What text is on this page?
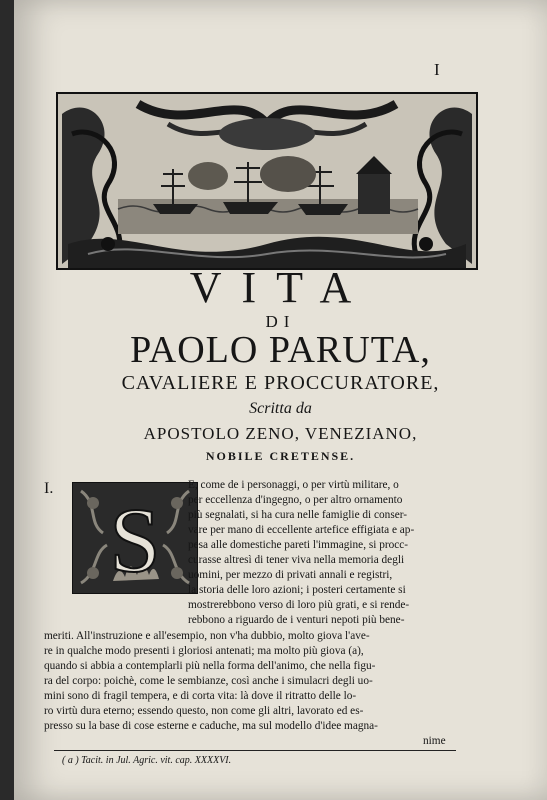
I
VITA
DI
PAOLO PARUTA,
CAVALIERE E PROCCURATORE,
Scritta da
APOSTOLO ZENO, VENEZIANO,
NOBILE CRETENSE.
I.
S
E, come de i personaggi, o per virtù militare, o
per eccellenza d'ingegno, o per altro ornamento
più segnalati, si ha cura nelle famiglie di conser-
vare per mano di eccellente artefice effigiata e ap-
pesa alle domestiche pareti l'immagine, si procc-
curasse altresì di tener viva nella memoria degli
uomini, per mezzo di privati annali e registri,
la storia delle loro azioni; i posteri certamente si
mostrerebbono verso di loro più grati, e si rende-
rebbono a riguardo de i venturi nepoti più bene-
meriti. All'instruzione e all'esempio, non v'ha dubbio, molto giova l'ave-
re in qualche modo presenti i gloriosi antenati; ma molto più giova (a),
quando si abbia a contemplarli più nella forma dell'animo, che nella figu-
ra del corpo: poichè, come le sembianze, così anche i simulacri degli uo-
mini sono di fragil tempera, e di corta vita: là dove il ritratto delle lo-
ro virtù dura eterno; essendo questo, non come gli altri, lavorato ed es-
presso su la base di cose esterne e caduche, ma sul modello d'idee magna-
nime
( a ) Tacit. in Jul. Agric. vit. cap. XXXXVI.
